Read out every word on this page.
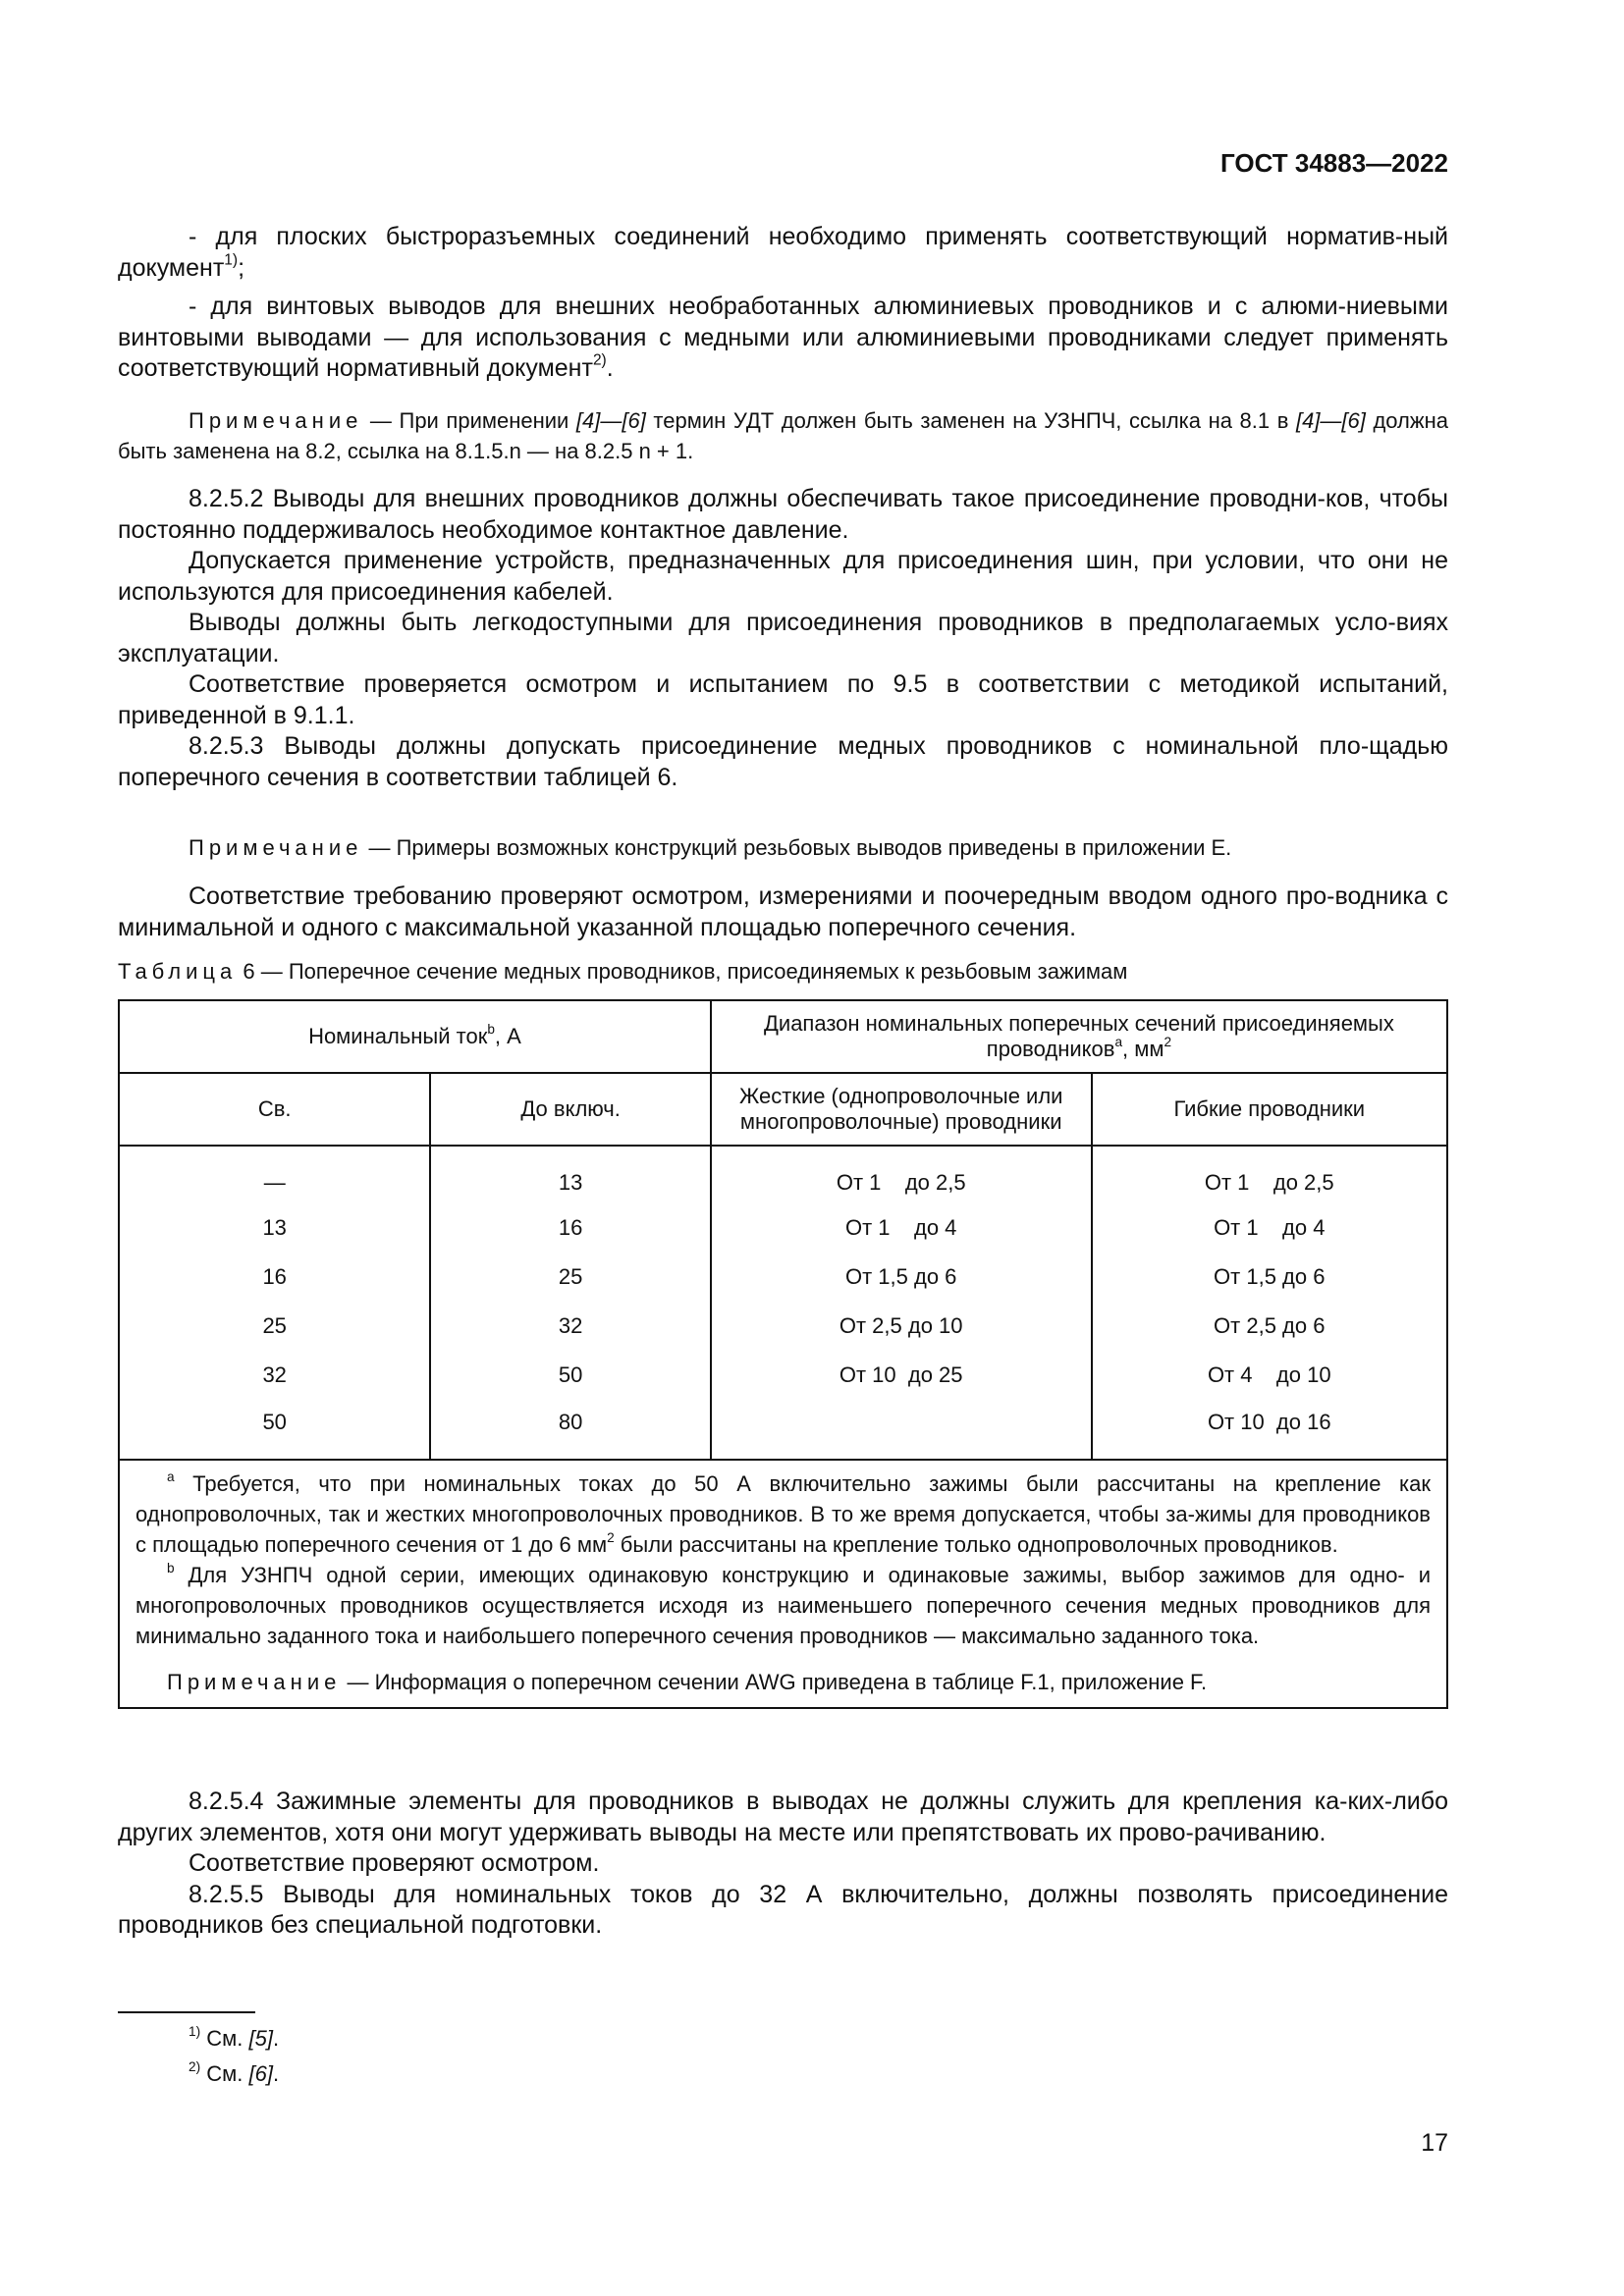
ГОСТ 34883—2022

- для плоских быстроразъемных соединений необходимо применять соответствующий норматив-ный документ$^{1)}$;

- для винтовых выводов для внешних необработанных алюминиевых проводников и с алюми-ниевыми винтовыми выводами — для использования с медными или алюминиевыми проводниками следует применять соответствующий нормативный документ$^{2)}$.

Примечание — При применении [4]—[6] термин УДТ должен быть заменен на УЗНПЧ, ссылка на 8.1 в [4]—[6] должна быть заменена на 8.2, ссылка на 8.1.5.n — на 8.2.5 n + 1.

8.2.5.2 Выводы для внешних проводников должны обеспечивать такое присоединение проводни-ков, чтобы постоянно поддерживалось необходимое контактное давление.

Допускается применение устройств, предназначенных для присоединения шин, при условии, что они не используются для присоединения кабелей.

Выводы должны быть легкодоступными для присоединения проводников в предполагаемых усло-виях эксплуатации.

Соответствие проверяется осмотром и испытанием по 9.5 в соответствии с методикой испытаний, приведенной в 9.1.1.

8.2.5.3 Выводы должны допускать присоединение медных проводников с номинальной пло-щадью поперечного сечения в соответствии таблицей 6.

Примечание — Примеры возможных конструкций резьбовых выводов приведены в приложении Е.

Соответствие требованию проверяют осмотром, измерениями и поочередным вводом одного про-водника с минимальной и одного с максимальной указанной площадью поперечного сечения.

Таблица 6 — Поперечное сечение медных проводников, присоединяемых к резьбовым зажимам
Номинальный ток$^b$, А		Диапазон номинальных поперечных сечений присоединяемых проводников$^a$, $мм^2$
Св.	До включ.	Жесткие (однопроволочные или многопроволочные) проводники	Гибкие проводники
—	13	От 1    до 2,5	От 1    до 2,5
13	16	От 1    до 4	От 1    до 4
16	25	От 1,5 до 6	От 1,5 до 6
25	32	От 2,5 до 10	От 2,5 до 6
32	50	От 10  до 25	От 4    до 10
50	80		От 10  до 16

$^a$ Требуется, что при номинальных токах до 50 А включительно зажимы были рассчитаны на крепление как однопроволочных, так и жестких многопроволочных проводников. В то же время допускается, чтобы за-жимы для проводников с площадью поперечного сечения от 1 до 6 $мм^2$ были рассчитаны на крепление только однопроволочных проводников.

$^b$ Для УЗНПЧ одной серии, имеющих одинаковую конструкцию и одинаковые зажимы, выбор зажимов для одно- и многопроволочных проводников осуществляется исходя из наименьшего поперечного сечения медных проводников для минимально заданного тока и наибольшего поперечного сечения проводников — максимально заданного тока.

Примечание — Информация о поперечном сечении AWG приведена в таблице F.1, приложение F.			

8.2.5.4 Зажимные элементы для проводников в выводах не должны служить для крепления ка-ких-либо других элементов, хотя они могут удерживать выводы на месте или препятствовать их прово-рачиванию.

Соответствие проверяют осмотром.

8.2.5.5 Выводы для номинальных токов до 32 А включительно, должны позволять присоединение проводников без специальной подготовки.

$^{1)}$ См. [5].

$^{2)}$ См. [6].

17
